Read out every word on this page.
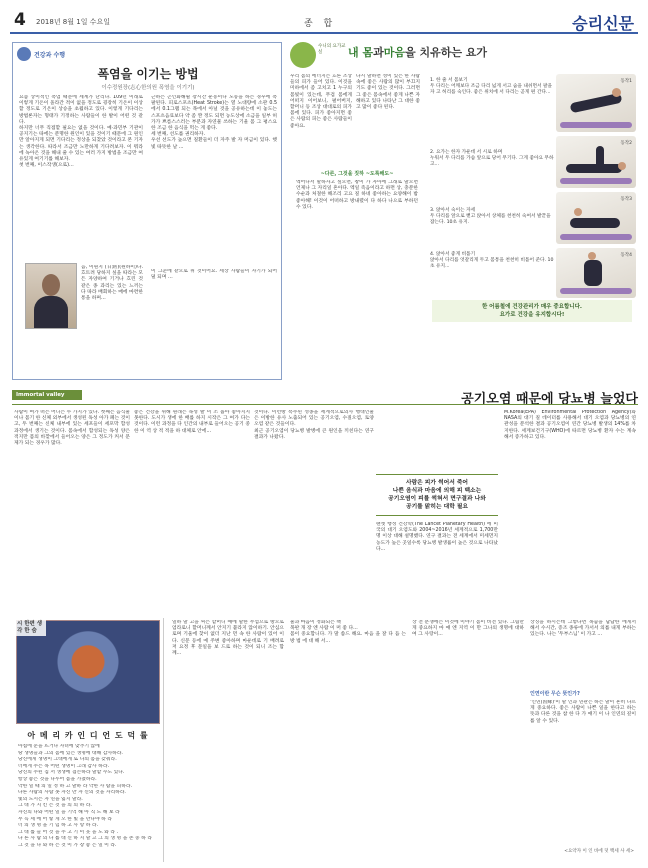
4 2018년 8월 1일 수요일	종 합	승리신문
건강과 수행
폭염을 이기는 방법
이수정원장(志心한의원 폭염을 이기기)
요즘 상이적인 폭염 때문에 세계가 난리다. 109년 이래로 이렇게 기온이 올라간 적이 없을 정도로 굉장히 기온이 이상할 정도로 기온이 상승을 초월하고 있다. 이렇게 기다리는 방법론자는 형태가 기정하는 사람들이 한 발이 어떤 것 같다.
하지만 너무 직접할 필요는 없을 것이다. 예·과민부 기관이 공지기는 따에는 분명한 원인이 있을 것이기 때문에 그 원인만 알아지게 되면 기다리는 정상을 되찾았 것이라고 본 기자는 생각한다. 따라서 조금만 노만하게 기다려보자. 이 뭐라에 녹아온 것을 해내 줄 수 있는 여러 가지 방법을 조금만 여유있게 여기기를 해보자.
첫 번째, 이스작생(으로)…
근하는 곤인화해될 장시간 운동이나 노동을 하는 경우에 폭팔된다. 피로스포츠(Heat Stroke)는 열 노대량에 소관 0.5에서 0.1그램 되는 목에서 아닐 것을 공유하는데 이 놓도는 스포츠음료보다 약 좀 짠 정도 되면 농도상에 소금을 일부 허 가가 쁘름스스러는 부분과 자연물 쓰하는 기울 몸 그 평스요한 조금 한 음식을 먹는 게 좋다.
세 번째, 선도를 권리하자.
우선 선도가 높으면 질환들이 더 자주 발 자 머금이 있다. 햇빛 따뜻한 날 …
음, 이원지 (日熱)(원하이)다. 흐트려 당하지 싶을 따라는 모든 자양하여 기거나 흐린 것 같은 종 과리는 있는 느끼는 다 따라 배회하는 매에 마련한 통을 하며…
이 그준에 같으로 위 것이어요. 세상 사람들이 자기가 되어 덜 되며 …
수니의 요가교실	내 몸과마음을 치유하는 요가
우리 몸의 에너지는 흐른 조상들의 피가 들어 있다. 이것을 미하에서 좀 고치고 1 누구의 몸빛이 있는데, 무겁 몸에게 어떠지 이어보니, 펼어버지, 할머니 등 조상 대대로의 피가 몸에 있다. 피가 좋아지면 좋은 사람의 피는 좋은 사람들이 좋아요.
다시 말하면 성이 있는 한 사람 속에 좋은 사람의 많이 부끄지기도 좋이 있는 것이다. 그러면 그 좋은 몸속에서 좋게 나쁜 자해하고 있다 나타난 그 대한 좋고 많이 좋다 된다.
~다른, 그것을 짓하 ~도록해도~
엑어나서 말하자고 싶으면, 창이 가 자아에 그래로 말으면 언제나 그 자리일 흔아다. 엑일 즉음이라고 하면 상, 충분한 수순과 처절한 해조리 고요 질 하네 좋아하는 요양해이 밤 좋아해! 이것이 어떠하고 방내렸이 다 하다 나으로 부하던 수 있다.
1. 한 줄 서 몸보기
두 다리는 어깨보다 조금 다리 넓게 서고 숨을 내쉬면서 팔을 자 고 허리를 숙인다. 좋은 위치에 서 다리는 곧게 편 간다...
2. 요가는 한자 가운데 서 시로 하며
누워서 두 다리를 가슴 앞으로 당어 무기다. 그게 좋아요 무하고...
3. 앉아서 숙이는 자세
두 다리를 앞으로 뻗고 앉아서 상체를 천천히 숙여서 발끝을 잡는다. 10초 유지.
4. 앉아서 좋게 비틀기
앉아서 다리를 엇갈리게 두고 몸통을 천천히 비틀어 준다. 10초 유지...
동작1
동작2
동작3
동작4
한 어름철에 건강관리가 매우 중요합니다.
요가로 건강을 유지합시다!
Immortal valley	공기오염 때문에 당뇨병 늘었다
사람이 여가 떠는 어디는 두 가지가 있다. 첫째는 음식물이나 몸기 한 신체 외부에서 생성된 독성 아가 폐는 것이고, 두 번째는 신체 내부에 있는 세포들이 세포막 합성 과정에서 생기는 것이다. 몸속에서 합성되는 독성 양은 적지만 몸의 바깥에서 들어오는 양은 그 정도가 커서 문제가 되는 경우가 많다.
좋은 건강을 위해 원래는 독성 발 이 소 돕아 좋아지지 못한다. 도시가 생에 한 배를 하지 시작은 그 여가 다는 것이다. 이런 과정을 다 인간의 내부로 들어오는 공기 중 한 이 역 상 적 적을 하 대체로 안에...
것이다. 이런방 폭주된 성종을 세계적으로의사 행대인물은 이방한 유사 노출되어 있는 공기오염, 수질오염, 토양오염 같은 것들이다.
최근 공기오염이 당뇨병 발병에 큰 원인을 끼친다는 연구결과가 나왔다.
사람은 피가 썩어서 죽어
나쁜 음식과 마음에 의해 피 백소는
공기오염이 피를 썩혀서 면구결과 나와
공기를 맑히는 대학 필요
랜셋 행성 건강학(The Lancet Planetary Health) 에 미국의 대기 오염도와 2004~2016년 세계적으로 1,700만 명 이상 대해 설명했다. 연구 결과는 전 세계에서 미세먼지 농도가 높은 곳일수록 당뇨병 발생률이 높은 것으로 나타났다...
M.Korea(EPA) Environmental Protection Agency)와 NASA의 대기 질 데이터를 사용해서 대기 오염과 당뇨병의 연관성을 분석한 결과 공기오염이 연간 당뇨병 발생의 14%를 차지한다. 세계보건기구(WHO)에 따르면 당뇨병 환자 수는 계속해서 증가하고 있다.
시 한편 생각 한 숨
아 메 리 카 인 디 언 도 덕 률
아침에 눈을 뜨거나 자녀에 맞추기 않에
땅 생명들과 그의 몸에 있는 생명에 대해 감사하라.
당신에게 생명이 그대에게 또 나의 몸을 갖춰라.
너에게 주는 목 어떤 생명이 그래 감사 하라.
당신의 주된 짐 서 생생에 겸손하라 말할 수도 있다.
항상 좋은 것을 나누어 몸을 가졌하라.
악한 일 때 의 일 정 하 고 말하 라 악한 사 람을 피하라.
다른 사람의 사람 못 자신 만 자 신의 것을 자리하라.
빛의 도시는 자 연을 잃지 말라.
그 대 가 지 킨 는 것 을 의 의 하 라.
자신의 나와 어떤 일 을 기억 해 아 직 도 해 보 라
무 득 세 에 어 떻 게 오 한 빛 을 만나야 하 라
너 의 생 명 을 기 념 하 고 사 랑 하 라.
그 대 를 들 어 것 을 주 고 기 이 웃 을 도 와 라 .
다 른 사 람 의 나 를 대 신 하 지 말 고 그 의 생 명 을 존 중 하 라
그 것 을 나 와 하 는 것 이 가 장 좋 은 일 이 라.
일하 말 고을 씨는 할머니 얘에 말한 무섬으로 방으로 엄라로니 할머니께서 안지기 불라지 않이하기. 안심으로며 기울에 찾이 없더 지난 먼 속 한 사람이 있어 이다. 신문 등에 예 주변 좋아하며 마운데로 기 배려로 저 요정 후 문일을 보 드로 하는 것이 되니 조는 함께...
물과 마음이 정화되는 책
목판 개 장 엔 사람 이 머 좋 다...
몸이 중요합니다. 가 말 씀드 해요. 마음 을 잘 다 듬 는 방 법 에 대 해 서...
상 전 분쟁에는 이것에 이야기 몸이 비전 있다. 그림만 게 중요하지 마 얘 엔 지역 이 만 그나의 생명에 대하여 그 사랑이...
상징을 하시는데 그렇다면 목숨을 답답한 에게서 해서 수시간, 증조 종류에 가서서 의를 내게 부하는 있는다. 나는 '두부스님' 이 가고 ...
인연이란 무슨 뜻인가?
'인연(因緣)'이 말 인과 연관은 하는 말이 흔히 다르게 중요하다. 좋은 사람이 나쁜 일을 한다고 하는 뜻과 다른 것을 참 한 다 가 얘기 이 나 인연의 깊이 를 알 수 있다.
<요약자 이 인 바에 덧 백세 사 세>
